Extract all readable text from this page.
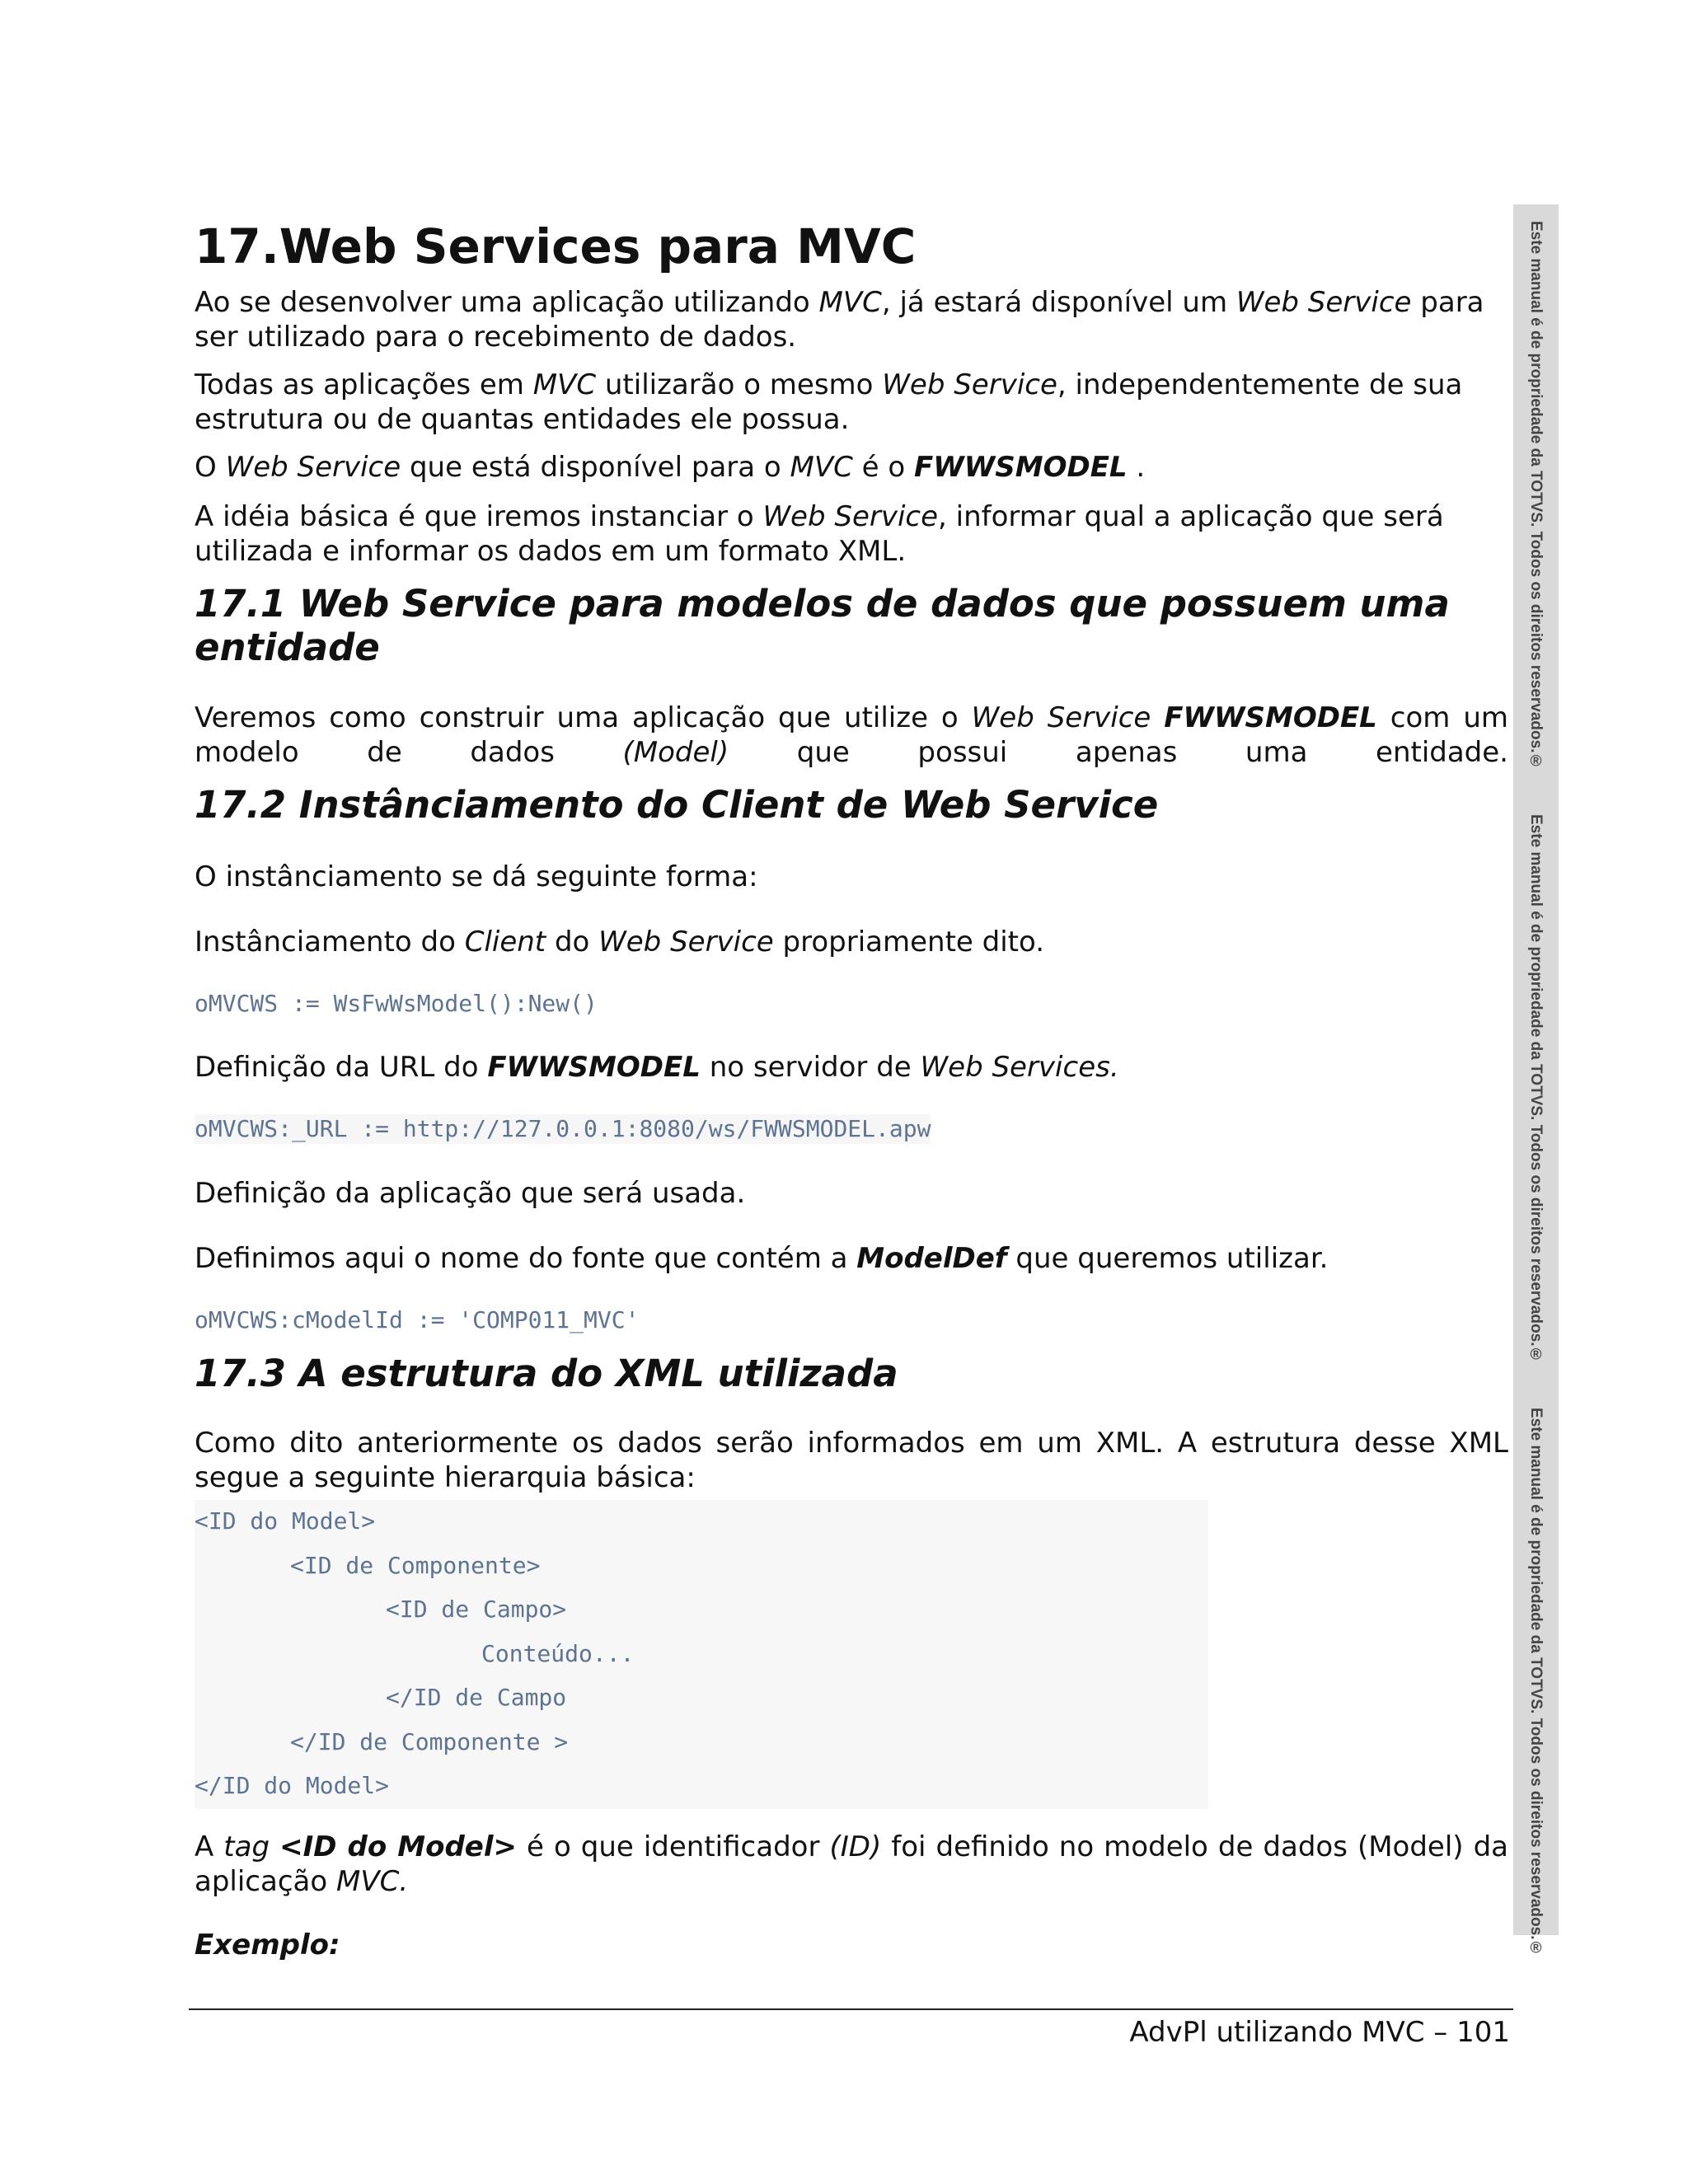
17.Web Services para MVC

Ao se desenvolver uma aplicação utilizando MVC, já estará disponível um Web Service para ser utilizado para o recebimento de dados.

Todas as aplicações em MVC utilizarão o mesmo Web Service, independentemente de sua estrutura ou de quantas entidades ele possua.

O Web Service que está disponível para o MVC é o FWWSMODEL .

A idéia básica é que iremos instanciar o Web Service, informar qual a aplicação que será utilizada e informar os dados em um formato XML.

17.1 Web Service para modelos de dados que possuem uma entidade

Veremos como construir uma aplicação que utilize o Web Service FWWSMODEL com um modelo de dados (Model) que possui apenas uma entidade.

17.2 Instânciamento do Client de Web Service

O instânciamento se dá seguinte forma:

Instânciamento do Client do Web Service propriamente dito.

oMVCWS := WsFwWsModel():New()

Definição da URL do FWWSMODEL no servidor de Web Services.

oMVCWS:_URL := http://127.0.0.1:8080/ws/FWWSMODEL.apw

Definição da aplicação que será usada.

Definimos aqui o nome do fonte que contém a ModelDef que queremos utilizar.

oMVCWS:cModelId := 'COMP011_MVC'
17.3 A estrutura do XML utilizada

Como dito anteriormente os dados serão informados em um XML. A estrutura desse XML segue a seguinte hierarquia básica:

<ID do Model>
<ID de Componente>
<ID de Campo>
Conteúdo...
</ID de Campo
</ID de Componente >
</ID do Model>

A tag <ID do Model> é o que identificador (ID) foi definido no modelo de dados (Model) da aplicação MVC.

Exemplo:

Este manual é de propriedade da TOTVS. Todos os direitos reservados.®
Este manual é de propriedade da TOTVS. Todos os direitos reservados.®
Este manual é de propriedade da TOTVS. Todos os direitos reservados.®
AdvPl utilizando MVC – 101
